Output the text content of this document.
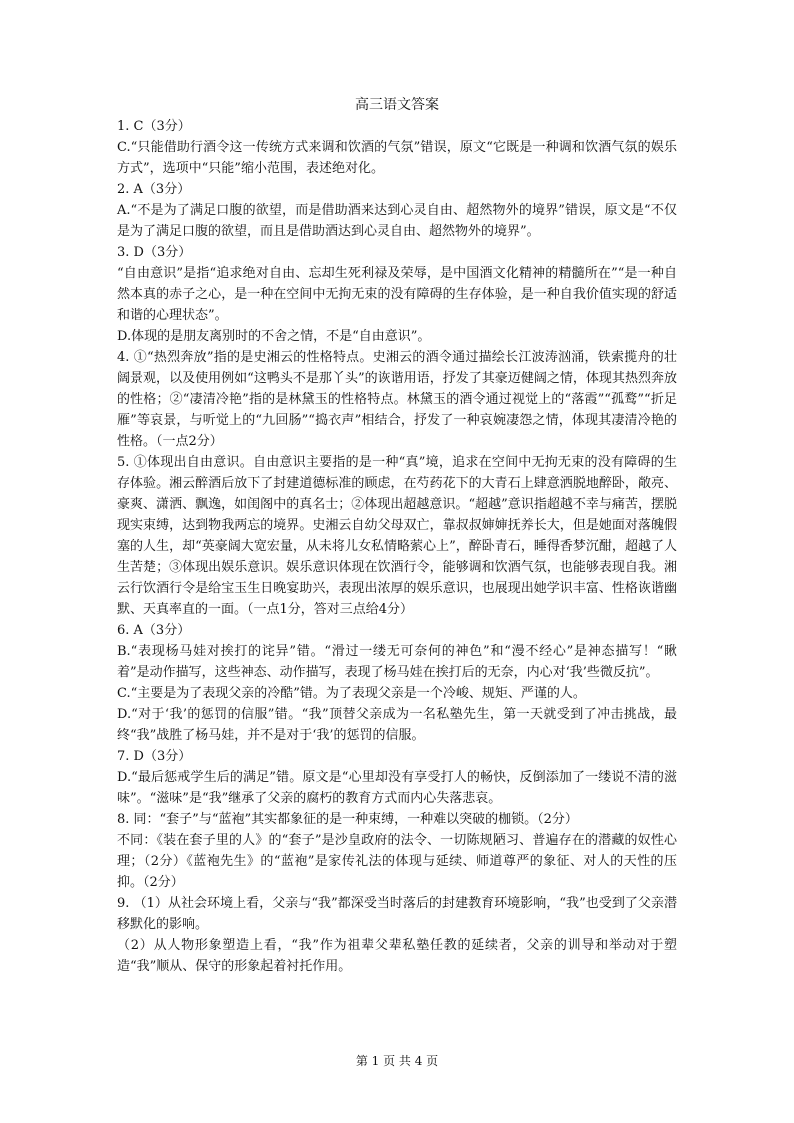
高三语文答案

1. C（3分）

C.“只能借助行酒令这一传统方式来调和饮酒的气氛”错误，原文“它既是一种调和饮酒气氛的娱乐方式”，选项中“只能”缩小范围，表述绝对化。

2. A（3分）

A.“不是为了满足口腹的欲望，而是借助酒来达到心灵自由、超然物外的境界”错误，原文是“不仅是为了满足口腹的欲望，而且是借助酒达到心灵自由、超然物外的境界”。

3. D（3分）

“自由意识”是指“追求绝对自由、忘却生死利禄及荣辱，是中国酒文化精神的精髓所在”“是一种自然本真的赤子之心，是一种在空间中无拘无束的没有障碍的生存体验，是一种自我价值实现的舒适和谐的心理状态”。

D.体现的是朋友离别时的不舍之情，不是“自由意识”。

4. ①“热烈奔放”指的是史湘云的性格特点。史湘云的酒令通过描绘长江波涛汹涌，铁索揽舟的壮阔景观，以及使用例如“这鸭头不是那丫头”的诙谐用语，抒发了其豪迈健阔之情，体现其热烈奔放的性格；②“凄清冷艳”指的是林黛玉的性格特点。林黛玉的酒令通过视觉上的“落霞”“孤鹜”“折足雁”等哀景，与听觉上的“九回肠”“捣衣声”相结合，抒发了一种哀婉凄怨之情，体现其凄清冷艳的性格。（一点2分）

5. ①体现出自由意识。自由意识主要指的是一种“真”境，追求在空间中无拘无束的没有障碍的生存体验。湘云醉酒后放下了封建道德标准的顾虑，在芍药花下的大青石上肆意洒脱地醉卧，敞亮、豪爽、潇洒、飘逸，如闺阁中的真名士；②体现出超越意识。“超越”意识指超越不幸与痛苦，摆脱现实束缚，达到物我两忘的境界。史湘云自幼父母双亡，靠叔叔婶婶抚养长大，但是她面对落魄假塞的人生，却“英豪阔大宽宏量，从未将儿女私情略萦心上”，醉卧青石，睡得香梦沉酣，超越了人生苦楚；③体现出娱乐意识。娱乐意识体现在饮酒行令，能够调和饮酒气氛，也能够表现自我。湘云行饮酒行令是给宝玉生日晚宴助兴，表现出浓厚的娱乐意识，也展现出她学识丰富、性格诙谐幽默、天真率直的一面。（一点1分，答对三点给4分）

6. A（3分）

B.“表现杨马娃对挨打的诧异”错。“滑过一缕无可奈何的神色”和“漫不经心”是神态描写！“瞅着”是动作描写，这些神态、动作描写，表现了杨马娃在挨打后的无奈，内心对‘我’些微反抗”。

C.“主要是为了表现父亲的冷酷”错。为了表现父亲是一个冷峻、规矩、严谨的人。

D.“对于‘我’的惩罚的信服”错。“我”顶替父亲成为一名私塾先生，第一天就受到了冲击挑战，最终“我”战胜了杨马娃，并不是对于‘我’的惩罚的信服。

7. D（3分）

D.“最后惩戒学生后的满足”错。原文是“心里却没有享受打人的畅快，反倒添加了一缕说不清的滋味”。“滋味”是“我”继承了父亲的腐朽的教育方式而内心失落悲哀。

8. 同：“套子”与“蓝袍”其实都象征的是一种束缚，一种难以突破的枷锁。（2分）

不同：《装在套子里的人》的“套子”是沙皇政府的法令、一切陈规陋习、普遍存在的潜藏的奴性心理；（2分）《蓝袍先生》的“蓝袍”是家传礼法的体现与延续、师道尊严的象征、对人的天性的压抑。（2分）

9. （1）从社会环境上看，父亲与“我”都深受当时落后的封建教育环境影响，“我”也受到了父亲潜移默化的影响。

（2）从人物形象塑造上看，“我”作为祖辈父辈私塾任教的延续者，父亲的训导和举动对于塑造“我”顺从、保守的形象起着衬托作用。

第 1 页 共 4 页
